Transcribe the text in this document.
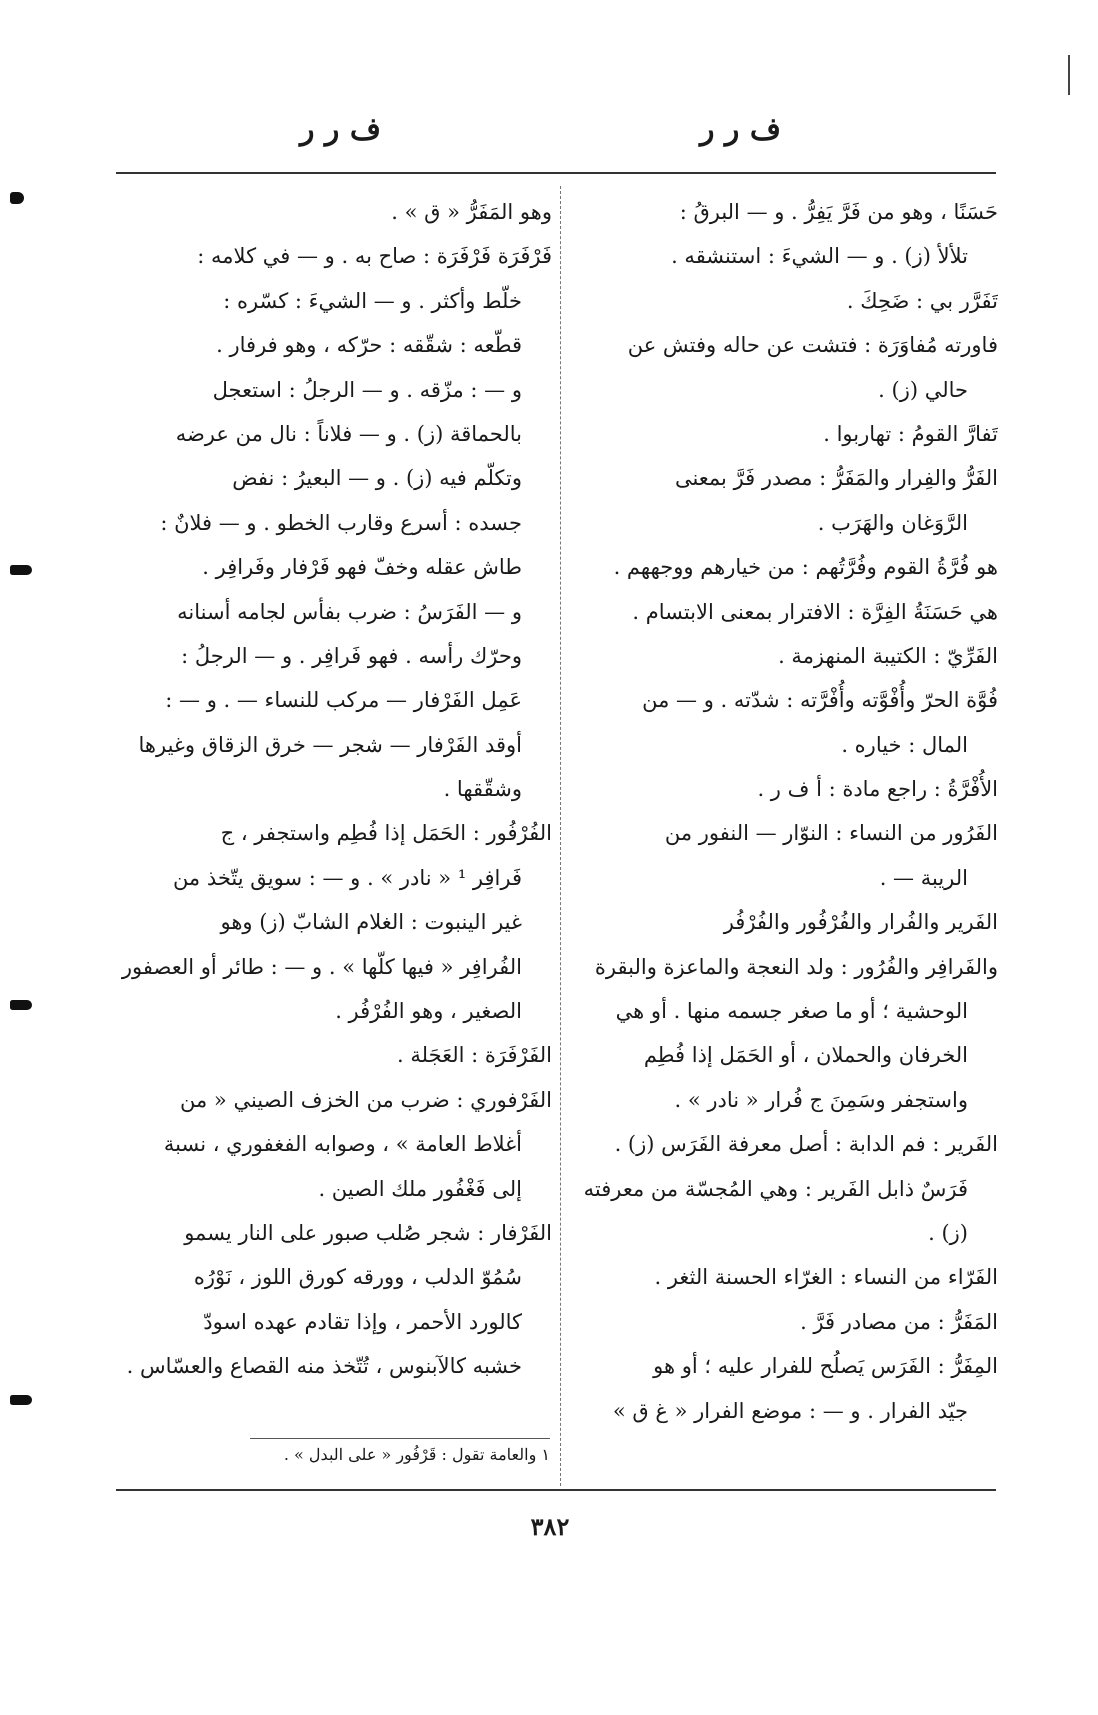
ف ر ر
ف ر ر
حَسَنًا ، وهو من فَرَّ يَفِرُّ . و — البرقُ :
تلألأ (ز) . و — الشيءَ : استنشقه .
تَفَرَّر بي : ضَحِكَ .
فاورته مُفاوَرَة : فتشت عن حاله وفتش عن
حالي (ز) .
تَفارَّ القومُ : تهاربوا .
الفَرُّ والفِرار والمَفَرُّ : مصدر فَرَّ بمعنى
الرَّوَغان والهَرَب .
هو فُرَّةُ القوم وفُرَّتُهم : من خيارهم ووجههم .
هي حَسَنَةُ الفِرَّة : الافترار بمعنى الابتسام .
الفَرِّيّ : الكتيبة المنهزمة .
فُوَّة الحرّ وأُفْوَّته وأُفْرَّته : شدّته . و — من
المال : خياره .
الأُفْرَّةُ : راجع مادة : أ ف ر .
الفَرُور من النساء : النوّار — النفور من
الريبة — .
الفَرير والفُرار والفُرْفُور والفُرْفُر
والفَرافِر والفُرُور : ولد النعجة والماعزة والبقرة
الوحشية ؛ أو ما صغر جسمه منها . أو هي
الخرفان والحملان ، أو الحَمَل إذا فُطِم
واستجفر وسَمِنَ ج فُرار « نادر » .
الفَرير : فم الدابة : أصل معرفة الفَرَس (ز) .
فَرَسٌ ذابل الفَرير : وهي المُجسّة من معرفته
(ز) .
الفَرّاء من النساء : الغرّاء الحسنة الثغر .
المَفَرُّ : من مصادر فَرَّ .
المِفَرُّ : الفَرَس يَصلُح للفرار عليه ؛ أو هو
جيّد الفرار . و — : موضع الفرار « غ ق »
وهو المَفَرُّ « ق » .
فَرْفَرَة فَرْفَرَة : صاح به . و — في كلامه :
خلّط وأكثر . و — الشيءَ : كسّره :
قطّعه : شقّقه : حرّكه ، وهو فرفار .
و — : مزّقه . و — الرجلُ : استعجل
بالحماقة (ز) . و — فلاناً : نال من عرضه
وتكلّم فيه (ز) . و — البعيرُ : نفض
جسده : أسرع وقارب الخطو . و — فلانٌ :
طاش عقله وخفّ فهو فَرْفار وفَرافِر .
و — الفَرَسُ : ضرب بفأس لجامه أسنانه
وحرّك رأسه . فهو فَرافِر . و — الرجلُ :
عَمِل الفَرْفار — مركب للنساء — . و — :
أوقد الفَرْفار — شجر — خرق الزقاق وغيرها
وشقّقها .
الفُرْفُور : الحَمَل إذا فُطِم واستجفر ، ج
فَرافِر ¹ « نادر » . و — : سويق يتّخذ من
غير الينبوت : الغلام الشابّ (ز) وهو
الفُرافِر « فيها كلّها » . و — : طائر أو العصفور
الصغير ، وهو الفُرْفُر .
الفَرْفَرَة : العَجَلة .
الفَرْفوري : ضرب من الخزف الصيني « من
أغلاط العامة » ، وصوابه الفغفوري ، نسبة
إلى فَغْفُور ملك الصين .
الفَرْفار : شجر صُلب صبور على النار يسمو
سُمُوّ الدلب ، وورقه كورق اللوز ، نَوْرُه
كالورد الأحمر ، وإذا تقادم عهده اسودّ
خشبه كالآبنوس ، تُتّخذ منه القصاع والعسّاس .
١ والعامة تقول : قَرْفُور « على البدل » .
٣٨٢
